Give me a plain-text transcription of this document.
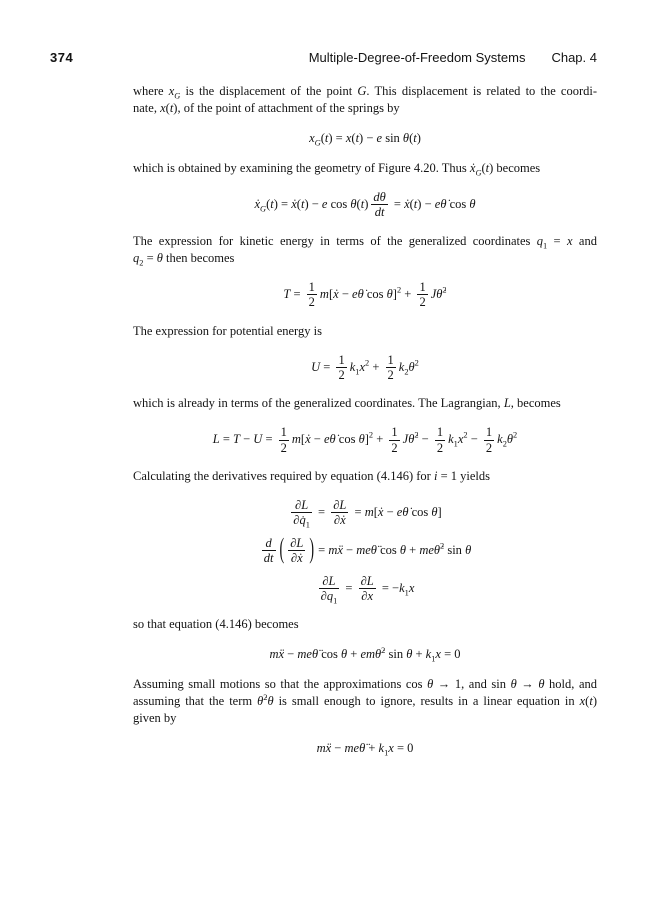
374	Multiple-Degree-of-Freedom Systems Chap. 4
where $x_G$ is the displacement of the point G. This displacement is related to the coordi-
nate, x(t), of the point of attachment of the springs by
$x_G(t) = x(t) - e$ sin θ(t)
which is obtained by examining the geometry of Figure 4.20. Thus ẋ$_G$(t) becomes
ẋ$_G$(t) = ẋ(t) − e $\cos \theta(t) \frac{d\theta}{dt}$ = ẋ(t) − eθ̇ cos θ
The expression for kinetic energy in terms of the generalized coordinates $q_1 = x$ and
$q_2 = \theta$ then becomes
$T = \frac{1}{2}$ m[ẋ − eθ̇ $\cos \theta]^2 + \frac{1}{2}$ Jθ̇$^2$
The expression for potential energy is
$U = \frac{1}{2} k_1x^2 + \frac{1}{2} k_2\theta^2$
which is already in terms of the generalized coordinates. The Lagrangian, L, becomes
$L = T - U = \frac{1}{2}$ m[ẋ − eθ̇ $\cos \theta]^2 + \frac{1}{2}$ Jθ̇$^2$ − $\frac{1}{2} k_1x^2 - \frac{1}{2} k_2\theta^2$
Calculating the derivatives required by equation (4.146) for i = 1 yields
$\frac{\partial L}{\partial q̇_1} = \frac{\partial L}{\text{∂ẋ}}$ = m[ẋ − eθ̇ cos θ]
$\frac{d}{dt}$ ( $\frac{\partial L}{\text{∂ẋ}}$ ) = mẍ − meθ̈ cos θ + meθ̇$^2$ sin θ
$\frac{\partial L}{\partial q_1} = \frac{\partial L}{\partial x} = -k_1x$
so that equation (4.146) becomes
mẍ − meθ̈ cos θ + emθ̇$^2$ $\sin \theta + k_1x = 0$
Assuming small motions so that the approximations cos θ → 1, and sin θ → θ hold, and
assuming that the term θ̇$^2$θ is small enough to ignore, results in a linear equation in x(t)
given by
mẍ − meθ̈ + $k_1x = 0$
